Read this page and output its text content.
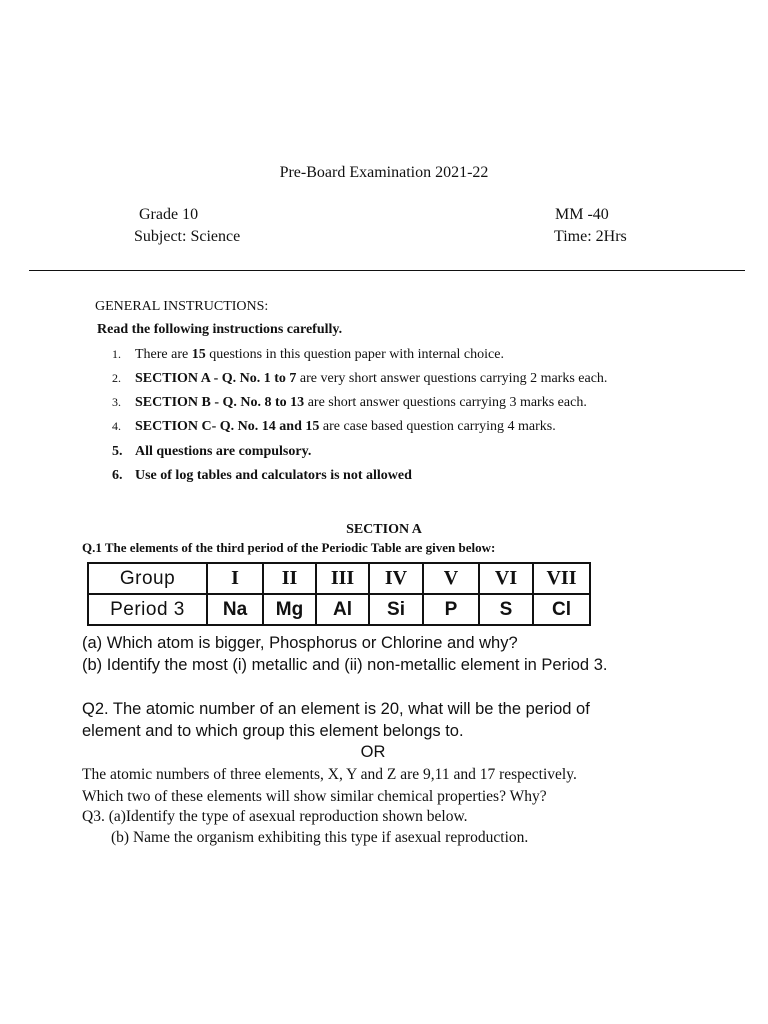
Pre-Board Examination 2021-22
Grade 10
Subject: Science
MM -40
Time: 2Hrs
GENERAL INSTRUCTIONS:
Read the following instructions carefully.
1. There are 15 questions in this question paper with internal choice.
2. SECTION A - Q. No. 1 to 7 are very short answer questions carrying 2 marks each.
3. SECTION B - Q. No. 8 to 13 are short answer questions carrying 3 marks each.
4. SECTION C- Q. No. 14 and 15 are case based question carrying 4 marks.
5. All questions are compulsory.
6. Use of log tables and calculators is not allowed
SECTION A
Q.1 The elements of the third period of the Periodic Table are given below:
Group	I	II	III	IV	V	VI	VII
Period 3	Na	Mg	Al	Si	P	S	Cl
(a) Which atom is bigger, Phosphorus or Chlorine and why?
(b) Identify the most (i) metallic and (ii) non-metallic element in Period 3.
Q2. The atomic number of an element is 20, what will be the period of
element and to which group this element belongs to.
OR
The atomic numbers of three elements, X, Y and Z are 9,11 and 17 respectively.
Which two of these elements will show similar chemical properties? Why?
Q3. (a)Identify the type of asexual reproduction shown below.
(b) Name the organism exhibiting this type if asexual reproduction.
